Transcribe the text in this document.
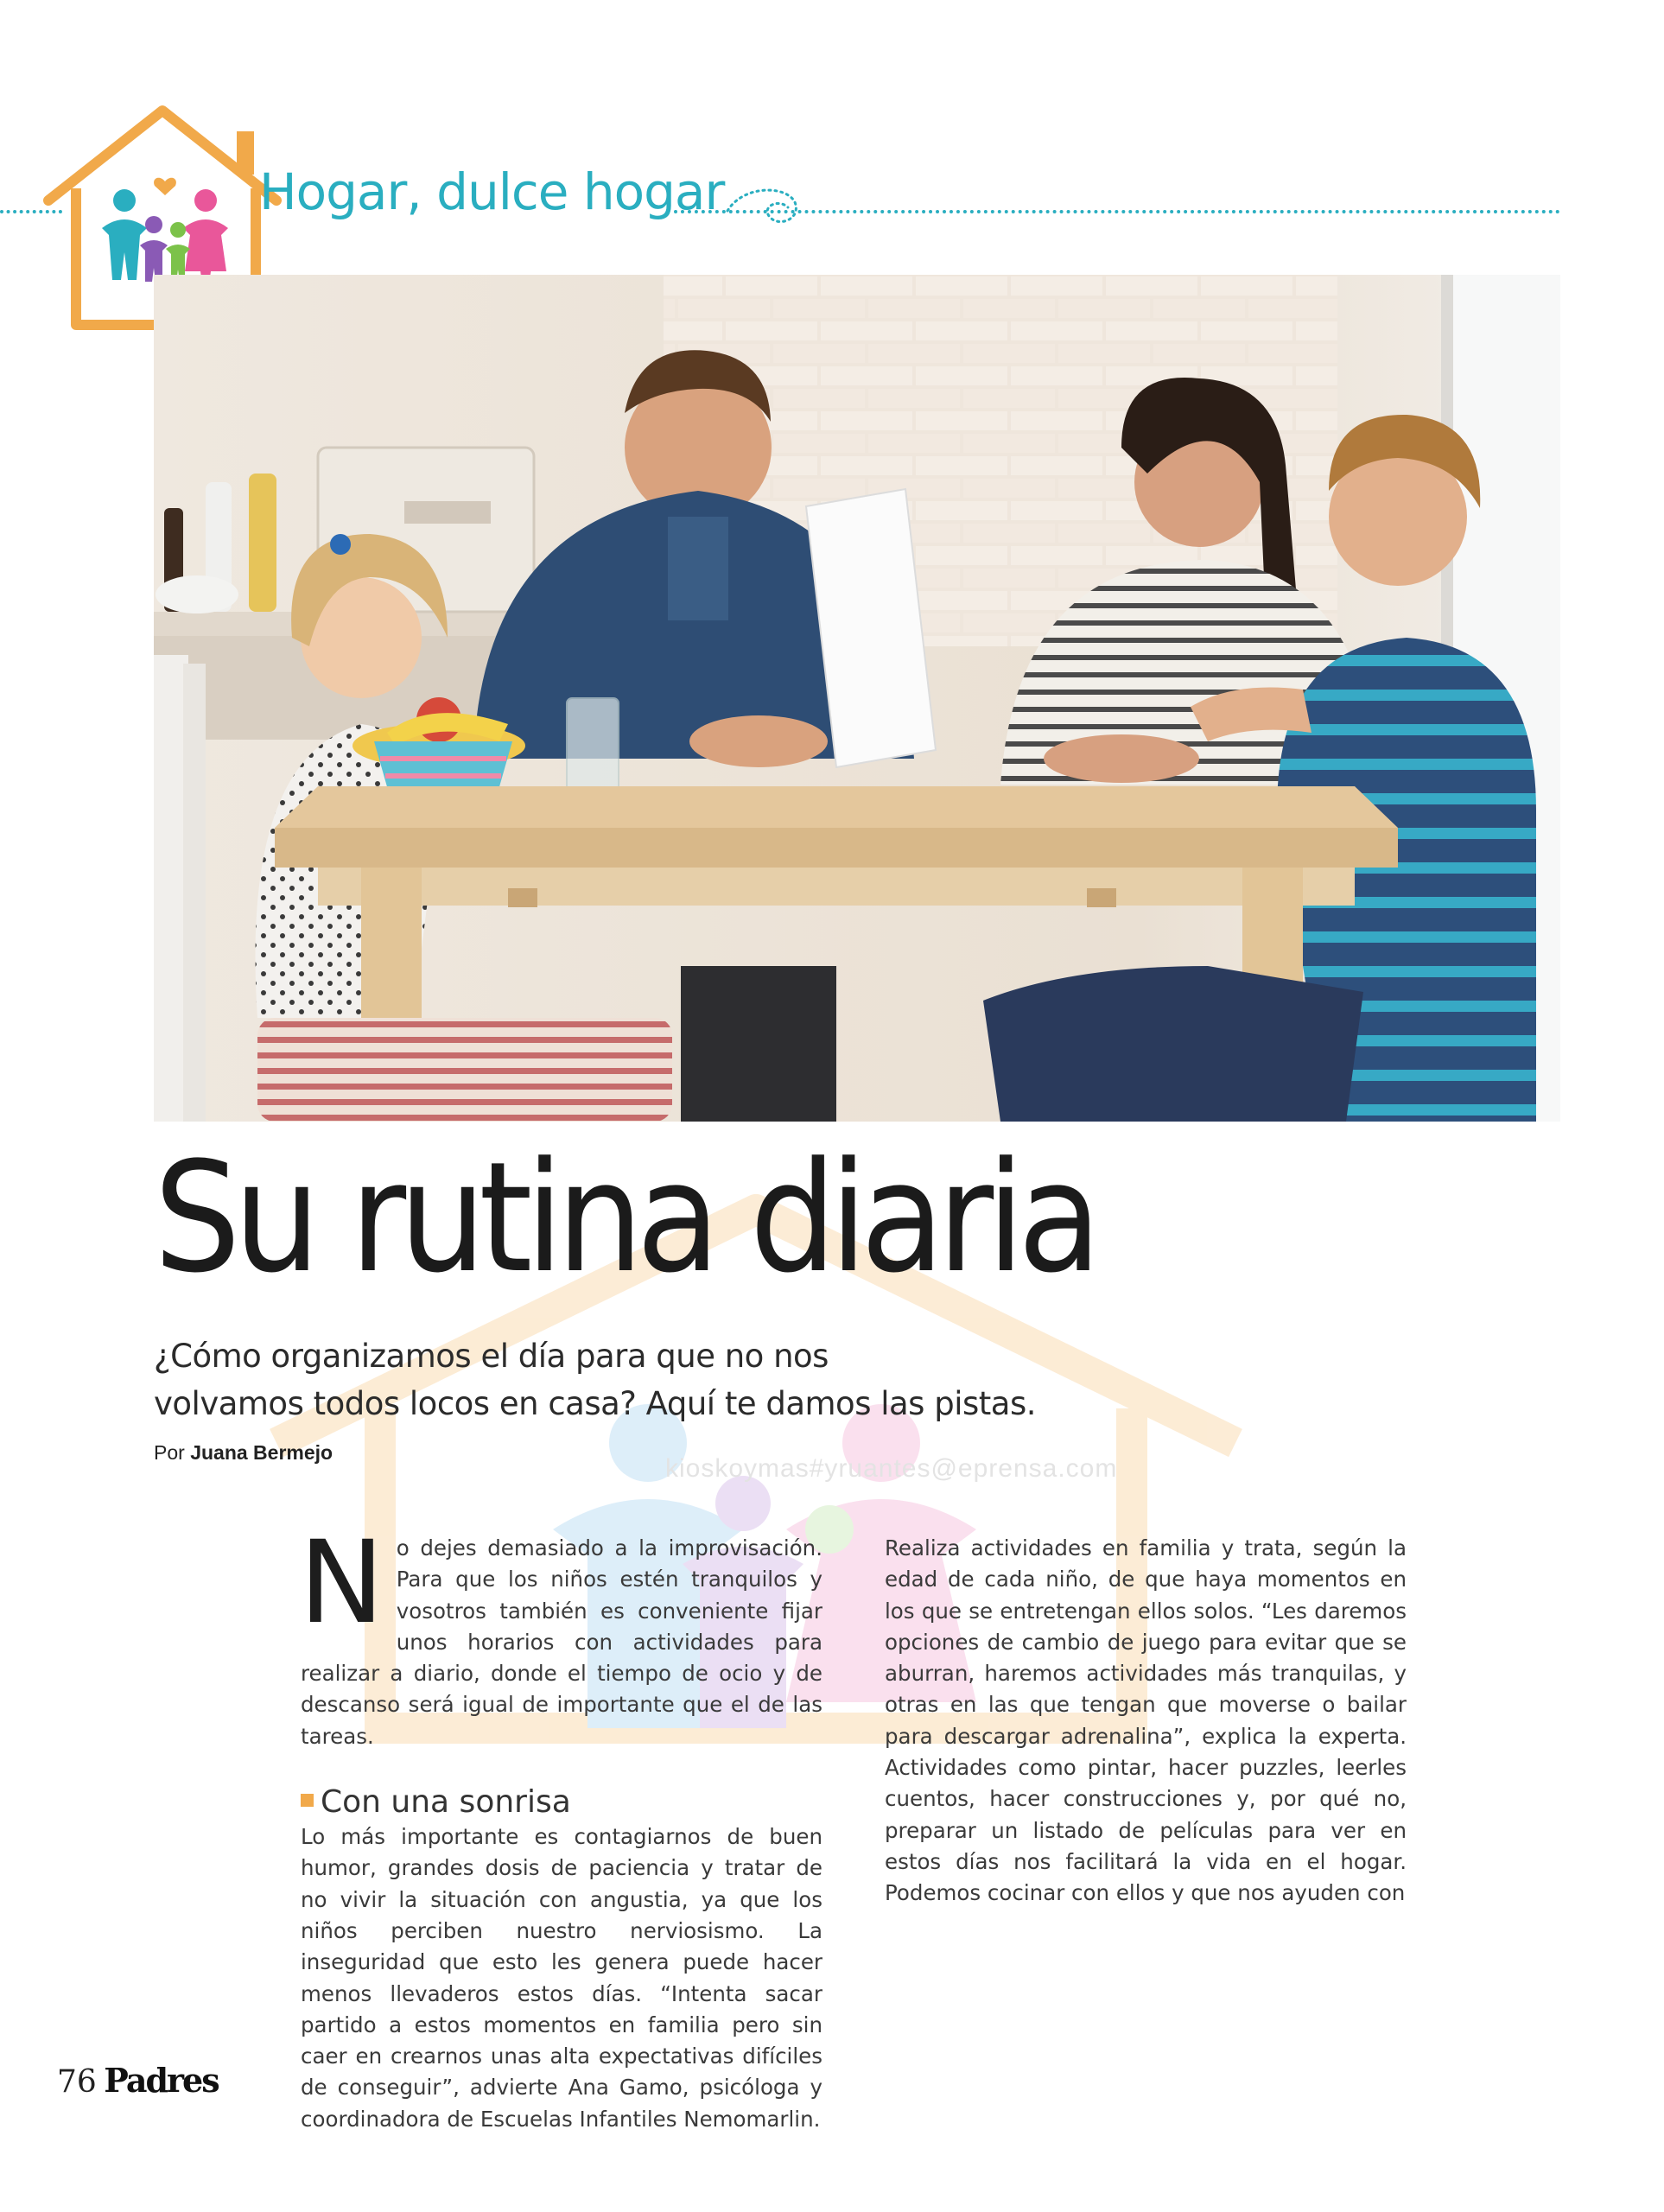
Hogar, dulce hogar
kioskoymas#yruantes@eprensa.com
Su rutina diaria
¿Cómo organizamos el día para que no nos
volvamos todos locos en casa? Aquí te damos las pistas.
Por Juana Bermejo

No dejes demasiado a la improvisación. Para que los niños estén tranquilos y vosotros también es conveniente fijar unos horarios con actividades para realizar a diario, donde el tiempo de ocio y de descanso será igual de importante que el de las tareas.

Con una sonrisa

Lo más importante es contagiarnos de buen humor, grandes dosis de paciencia y tratar de no vivir la situación con angustia, ya que los niños perciben nuestro nerviosismo. La inseguridad que esto les genera puede hacer menos llevaderos estos días. “Intenta sacar partido a estos momentos en familia pero sin caer en crearnos unas alta expectativas difíciles de conseguir”, advierte Ana Gamo, psicóloga y coordinadora de Escuelas Infantiles Nemomarlin.

Realiza actividades en familia y trata, según la edad de cada niño, de que haya momentos en los que se entretengan ellos solos. “Les daremos opciones de cambio de juego para evitar que se aburran, haremos actividades más tranquilas, y otras en las que tengan que moverse o bailar para descargar adrenalina”, explica la experta. Actividades como pintar, hacer puzzles, leerles cuentos, hacer construcciones y, por qué no, preparar un listado de películas para ver en estos días nos facilitará la vida en el hogar. Podemos cocinar con ellos y que nos ayuden con

76 Padres
